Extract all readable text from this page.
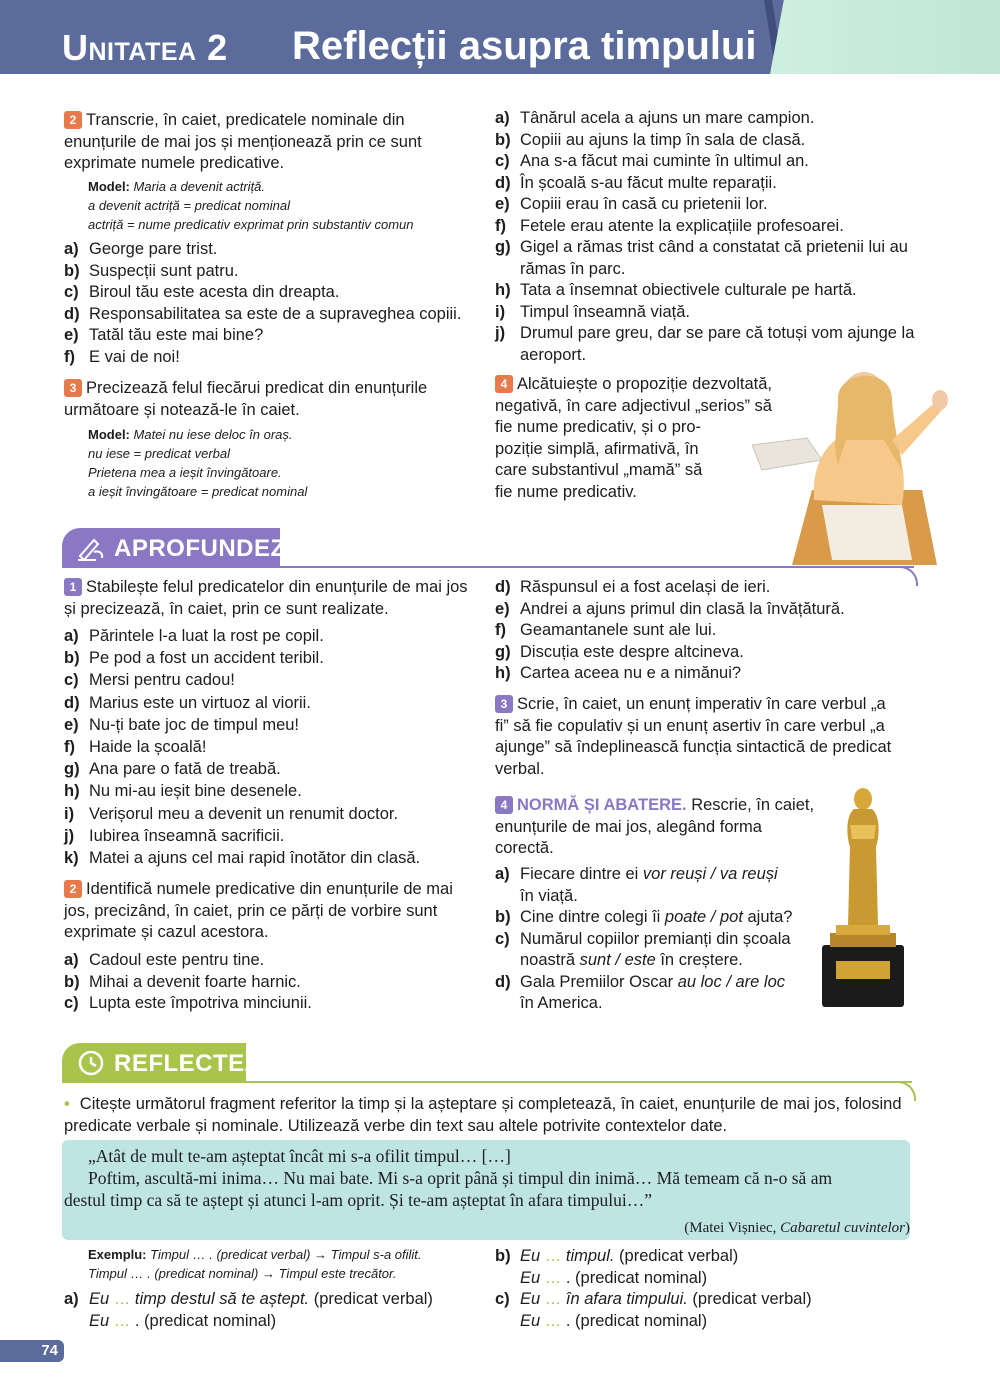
Unitatea 2 Reflecții asupra timpului
2 Transcrie, în caiet, predicatele nominale din enunțurile de mai jos și menționează prin ce sunt exprimate numele predicative.
Model: Maria a devenit actriță.
a devenit actriță = predicat nominal
actriță = nume predicativ exprimat prin substantiv comun
a) George pare trist.
b) Suspecții sunt patru.
c) Biroul tău este acesta din dreapta.
d) Responsabilitatea sa este de a supraveghea copiii.
e) Tatăl tău este mai bine?
f) E vai de noi!
3 Precizează felul fiecărui predicat din enunțurile următoare și notează-le în caiet.
Model: Matei nu iese deloc în oraș.
nu iese = predicat verbal
Prietena mea a ieșit învingătoare.
a ieșit învingătoare = predicat nominal
a) Tânărul acela a ajuns un mare campion.
b) Copiii au ajuns la timp în sala de clasă.
c) Ana s-a făcut mai cuminte în ultimul an.
d) În școală s-au făcut multe reparații.
e) Copiii erau în casă cu prietenii lor.
f) Fetele erau atente la explicațiile profesoarei.
g) Gigel a rămas trist când a constatat că prietenii lui au rămas în parc.
h) Tata a însemnat obiectivele culturale pe hartă.
i) Timpul înseamnă viață.
j) Drumul pare greu, dar se pare că totuși vom ajunge la aeroport.
4 Alcătuiește o propoziție dezvoltată,
negativă, în care adjectivul „serios” să
fie nume predicativ, și o pro-
poziție simplă, afirmativă, în
care substantivul „mamă” să
fie nume predicativ.
APROFUNDEZ
1 Stabilește felul predicatelor din enunțurile de mai jos și precizează, în caiet, prin ce sunt realizate.
a) Părintele l-a luat la rost pe copil.
b) Pe pod a fost un accident teribil.
c) Mersi pentru cadou!
d) Marius este un virtuoz al viorii.
e) Nu-ți bate joc de timpul meu!
f) Haide la școală!
g) Ana pare o fată de treabă.
h) Nu mi-au ieșit bine desenele.
i) Verișorul meu a devenit un renumit doctor.
j) Iubirea înseamnă sacrificii.
k) Matei a ajuns cel mai rapid înotător din clasă.
2 Identifică numele predicative din enunțurile de mai jos, precizând, în caiet, prin ce părți de vorbire sunt exprimate și cazul acestora.
a) Cadoul este pentru tine.
b) Mihai a devenit foarte harnic.
c) Lupta este împotriva minciunii.
d) Răspunsul ei a fost același de ieri.
e) Andrei a ajuns primul din clasă la învățătură.
f) Geamantanele sunt ale lui.
g) Discuția este despre altcineva.
h) Cartea aceea nu e a nimănui?
3 Scrie, în caiet, un enunț imperativ în care verbul „a fi” să fie copulativ și un enunț asertiv în care verbul „a ajunge” să îndeplinească funcția sintactică de predicat verbal.
4 NORMĂ ȘI ABATERE. Rescrie, în caiet,
enunțurile de mai jos, alegând forma
corectă.
a) Fiecare dintre ei vor reuși / va reuși
în viață.
b) Cine dintre colegi îi poate / pot ajuta?
c) Numărul copiilor premianți din școala
noastră sunt / este în creștere.
d) Gala Premiilor Oscar au loc / are loc
în America.
REFLECTEZ
• Citește următorul fragment referitor la timp și la așteptare și completează, în caiet, enunțurile de mai jos, folosind predicate verbale și nominale. Utilizează verbe din text sau altele potrivite contextelor date.
„Atât de mult te-am așteptat încât mi s-a ofilit timpul… […]
Poftim, ascultă-mi inima… Nu mai bate. Mi s-a oprit până și timpul din inimă… Mă temeam că n-o să am
destul timp ca să te aștept și atunci l-am oprit. Și te-am așteptat în afara timpului…”
(Matei Vișniec, Cabaretul cuvintelor)
Exemplu: Timpul … . (predicat verbal) → Timpul s-a ofilit.
Timpul … . (predicat nominal) → Timpul este trecător.
a) Eu … timp destul să te aștept. (predicat verbal)
Eu … . (predicat nominal)
b) Eu … timpul. (predicat verbal)
Eu … . (predicat nominal)
c) Eu … în afara timpului. (predicat verbal)
Eu … . (predicat nominal)
74
